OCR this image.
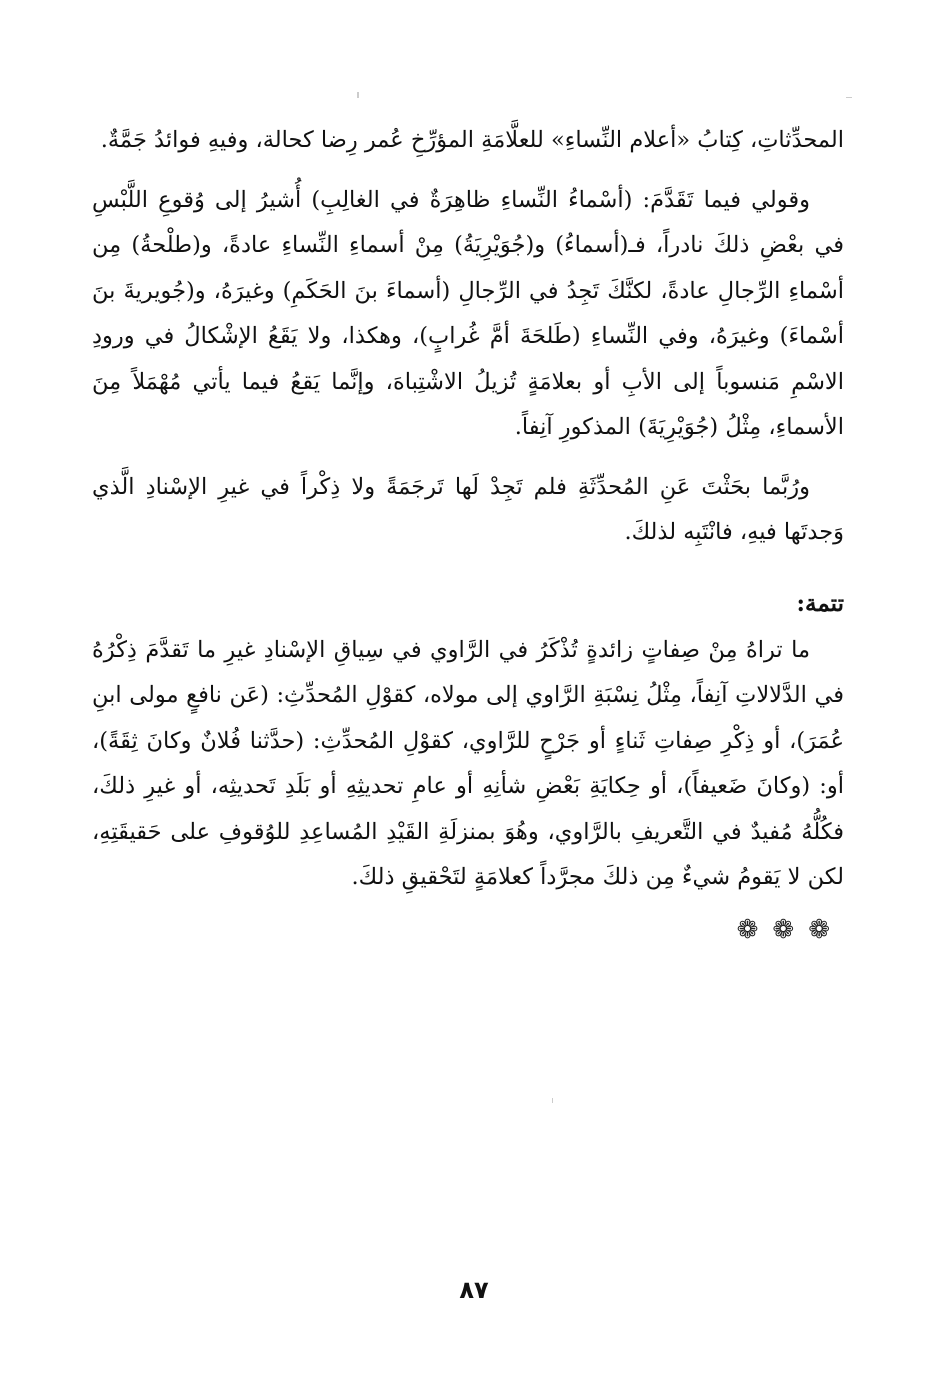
المحدِّثاتِ، كِتابُ «أعلام النِّساءِ» للعلَّامَةِ المؤرِّخِ عُمر رِضا كحالة، وفيهِ فوائدُ جَمَّةٌ.

وقولي فيما تَقَدَّمَ: (أسْماءُ النِّساءِ ظاهِرَةٌ في الغالِبِ) أُشيرُ إلى وُقوعِ اللَّبْسِ في بعْضِ ذلكَ نادراً، فـ(أسماءُ) و(جُوَيْرِيَةُ) مِنْ أسماءِ النِّساءِ عادةً، و(طلْحةُ) مِن أسْماءِ الرِّجالِ عادةً، لكنَّكَ تَجِدُ في الرِّجالِ (أسماءَ بنَ الحَكَمِ) وغيرَهُ، و(جُويريةَ بنَ أسْماءَ) وغيرَهُ، وفي النِّساءِ (طَلحَةَ أمَّ غُرابٍ)، وهكذا، ولا يَقَعُ الإشْكالُ في ورودِ الاسْمِ مَنسوباً إلى الأبِ أو بعلامَةٍ تُزيلُ الاشْتِباهَ، وإنَّما يَقعُ فيما يأتي مُهْمَلاً مِنَ الأسماءِ، مِثْلُ (جُوَيْرِيَةَ) المذكورِ آنِفاً.

ورُبَّما بحَثْتَ عَنِ المُحدِّثَةِ فلم تَجِدْ لَها تَرجَمَةً ولا ذِكْراً في غيرِ الإسْنادِ الَّذي وَجدتَها فيهِ، فانْتَبِه لذلكَ.

تتمة:

ما تراهُ مِنْ صِفاتٍ زائدةٍ تُذْكَرُ في الرَّاوي في سِياقِ الإسْنادِ غيرِ ما تَقدَّمَ ذِكْرُهُ في الدَّلالاتِ آنِفاً، مِثْلُ نِسْبَةِ الرَّاوي إلى مولاه، كقوْلِ المُحدِّثِ: (عَن نافعٍ مولى ابنِ عُمَرَ)، أو ذِكْرِ صِفاتِ ثَناءٍ أو جَرْحٍ للرَّاوي، كقوْلِ المُحدِّثِ: (حدَّثنا فُلانٌ وكانَ ثِقَةً)، أو: (وكانَ ضَعيفاً)، أو حِكايَةِ بَعْضِ شأنِهِ أو عامِ تحديثِهِ أو بَلَدِ تَحديثِه، أو غيرِ ذلكَ، فكُلُّهُ مُفيدٌ في التَّعريفِ بالرَّاوي، وهُوَ بمنزلَةِ القَيْدِ المُساعِدِ للوُقوفِ على حَقيقَتِهِ، لكن لا يَقومُ شيءٌ مِن ذلكَ مجرَّداً كعلامَةٍ لتَحْقيقِ ذلكَ.

❁❁❁
٨٧
